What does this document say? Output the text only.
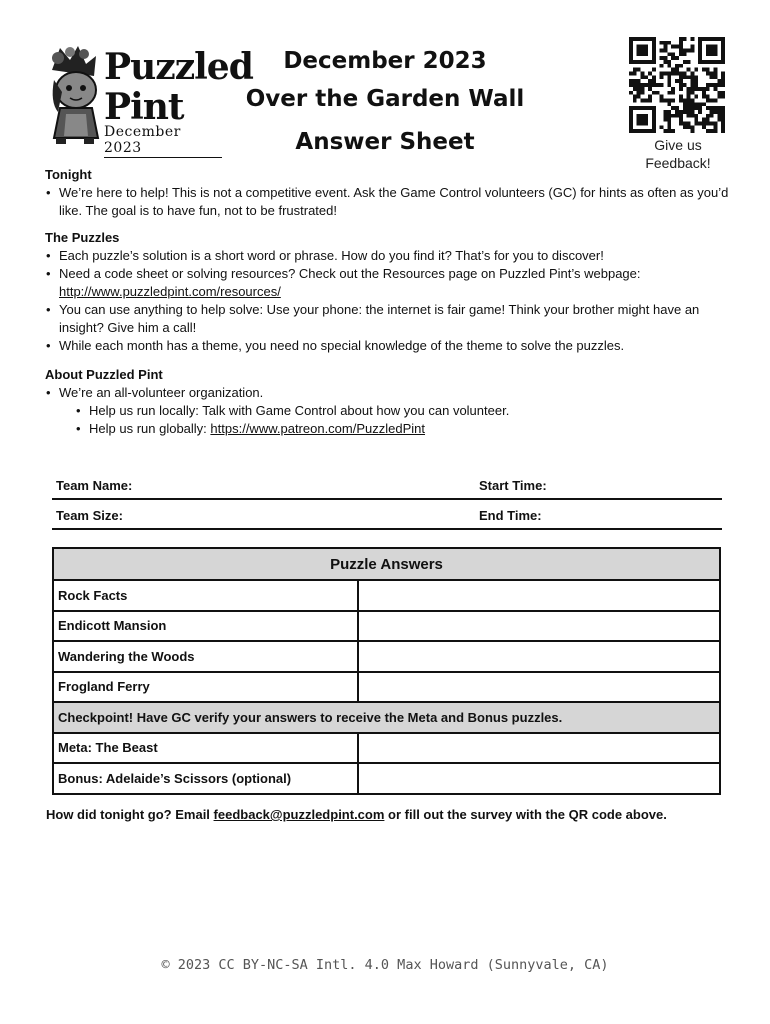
Puzzled
Pint
December 2023
December 2023
Over the Garden Wall
Answer Sheet	Give us
Feedback!
Tonight
• We’re here to help! This is not a competitive event. Ask the Game Control volunteers (GC) for hints as often as you’d like. The goal is to have fun, not to be frustrated!
The Puzzles
• Each puzzle’s solution is a short word or phrase. How do you find it? That’s for you to discover!
• Need a code sheet or solving resources? Check out the Resources page on Puzzled Pint’s webpage:
http://www.puzzledpint.com/resources/
• You can use anything to help solve: Use your phone: the internet is fair game! Think your brother might have an insight? Give him a call!
• While each month has a theme, you need no special knowledge of the theme to solve the puzzles.
About Puzzled Pint
• We’re an all-volunteer organization.
• Help us run locally: Talk with Game Control about how you can volunteer.
• Help us run globally: https://www.patreon.com/PuzzledPint
Team Name:	Start Time:
Team Size:	End Time:
Puzzle Answers	
Rock Facts	
Endicott Mansion	
Wandering the Woods	
Frogland Ferry	
Checkpoint! Have GC verify your answers to receive the Meta and Bonus puzzles.	
Meta: The Beast	
Bonus: Adelaide’s Scissors (optional)	
How did tonight go? Email feedback@puzzledpint.com or fill out the survey with the QR code above.
© 2023 CC BY-NC-SA Intl. 4.0 Max Howard (Sunnyvale, CA)
